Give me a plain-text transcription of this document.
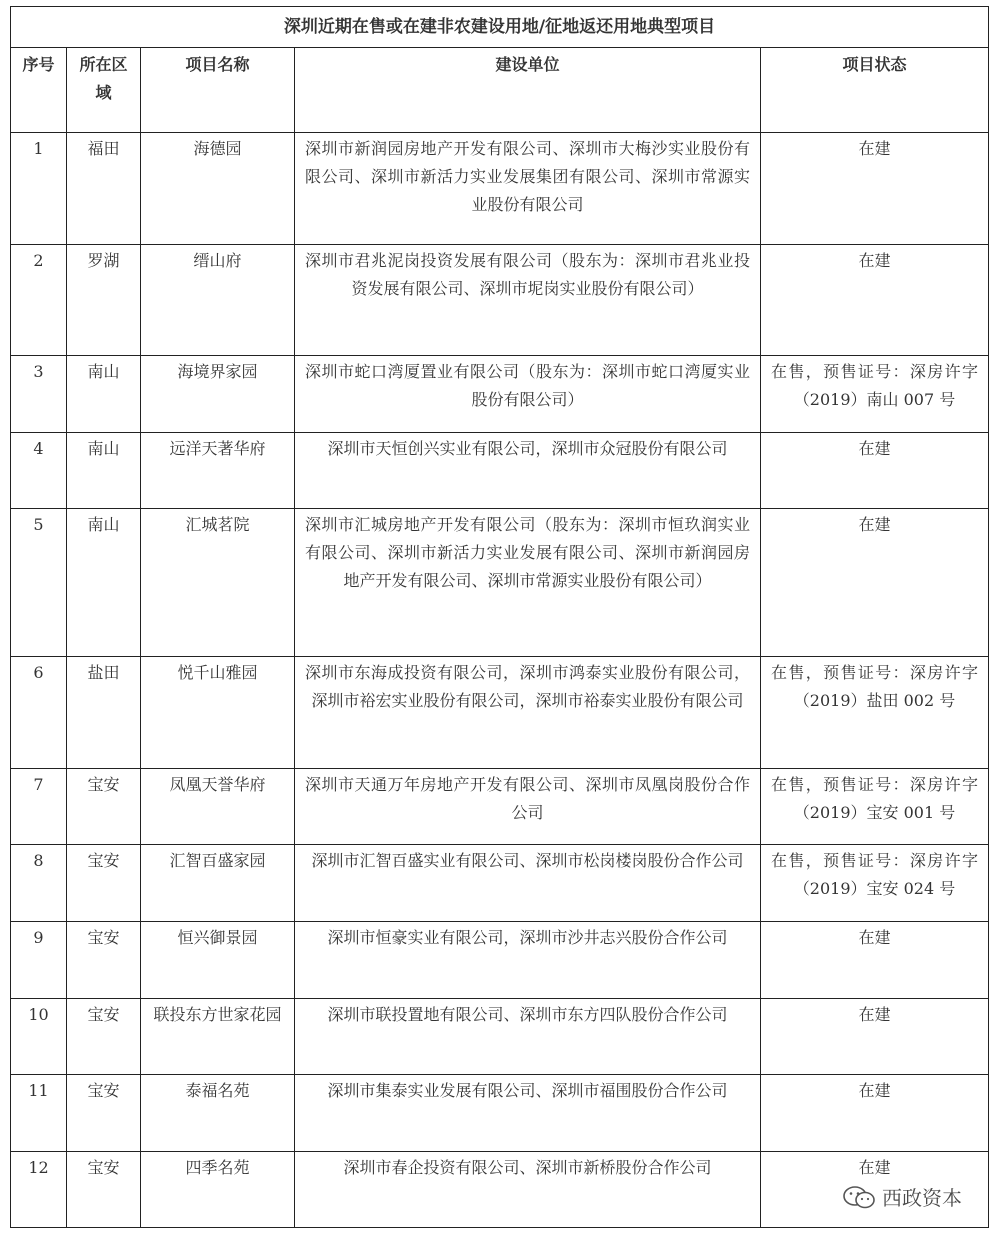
深圳近期在售或在建非农建设用地/征地返还用地典型项目				
序号	所在区域	项目名称	建设单位	项目状态
1	福田	海德园	深圳市新润园房地产开发有限公司、深圳市大梅沙实业股份有限公司、深圳市新活力实业发展集团有限公司、深圳市常源实业股份有限公司	在建
2	罗湖	缙山府	深圳市君兆泥岗投资发展有限公司（股东为：深圳市君兆业投资发展有限公司、深圳市坭岗实业股份有限公司）	在建
3	南山	海境界家园	深圳市蛇口湾厦置业有限公司（股东为：深圳市蛇口湾厦实业股份有限公司）	在售，预售证号：深房许字（2019）南山 007 号
4	南山	远洋天著华府	深圳市天恒创兴实业有限公司，深圳市众冠股份有限公司	在建
5	南山	汇城茗院	深圳市汇城房地产开发有限公司（股东为：深圳市恒玖润实业有限公司、深圳市新活力实业发展有限公司、深圳市新润园房地产开发有限公司、深圳市常源实业股份有限公司）	在建
6	盐田	悦千山雅园	深圳市东海成投资有限公司，深圳市鸿泰实业股份有限公司，深圳市裕宏实业股份有限公司，深圳市裕泰实业股份有限公司	在售，预售证号：深房许字（2019）盐田 002 号
7	宝安	凤凰天誉华府	深圳市天通万年房地产开发有限公司、深圳市凤凰岗股份合作公司	在售，预售证号：深房许字（2019）宝安 001 号
8	宝安	汇智百盛家园	深圳市汇智百盛实业有限公司、深圳市松岗楼岗股份合作公司	在售，预售证号：深房许字（2019）宝安 024 号
9	宝安	恒兴御景园	深圳市恒豪实业有限公司，深圳市沙井志兴股份合作公司	在建
10	宝安	联投东方世家花园	深圳市联投置地有限公司、深圳市东方四队股份合作公司	在建
11	宝安	泰福名苑	深圳市集泰实业发展有限公司、深圳市福围股份合作公司	在建
12	宝安	四季名苑	深圳市春企投资有限公司、深圳市新桥股份合作公司	在建
西政资本
